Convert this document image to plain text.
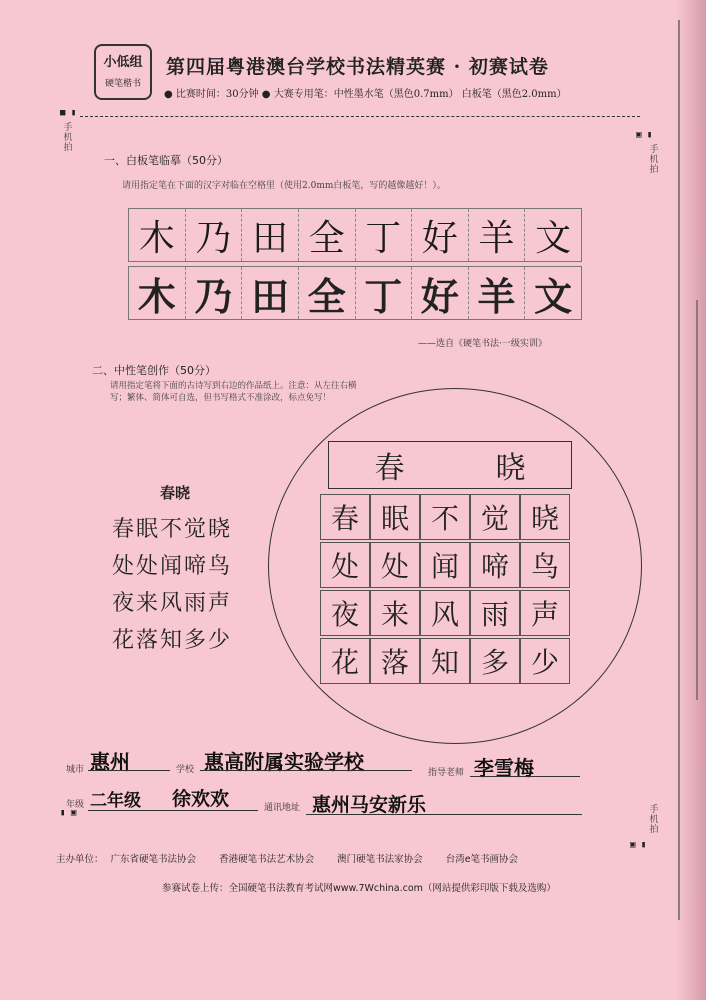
小低组
硬笔楷书
第四届粤港澳台学校书法精英赛 · 初赛试卷
● 比赛时间：30分钟 ● 大赛专用笔：中性墨水笔（黑色0.7mm） 白板笔（黑色2.0mm）
■ ▮
▣ ▮
▮ ▣
▣ ▮
手机拍	手机拍
手机拍
一、白板笔临摹（50分）
请用指定笔在下面的汉字对临在空格里（使用2.0mm白板笔，写的越像越好！）。
木 乃 田 全 丁 好 羊 文
木 乃 田 全 丁 好 羊 文
——选自《硬笔书法·一级实训》
二、中性笔创作（50分）
请用指定笔将下面的古诗写到右边的作品纸上。注意：从左往右横写；繁体、简体可自选，但书写格式不准涂改，标点免写！
春晓
春眠不觉晓
处处闻啼鸟
夜来风雨声
花落知多少
春	晓
春 眠 不 觉 晓
处 处 闻 啼 鸟
夜 来 风 雨 声
花 落 知 多 少
城市 惠州	学校 惠高附属实验学校	指导老师 李雪梅
年级 二年级 徐欢欢	通讯地址 惠州马安新乐
主办单位： 广东省硬笔书法协会 香港硬笔书法艺术协会 澳门硬笔书法家协会 台湾e笔书画协会
参赛试卷上传：全国硬笔书法教育考试网www.7Wchina.com（网站提供彩印版下载及选购）
